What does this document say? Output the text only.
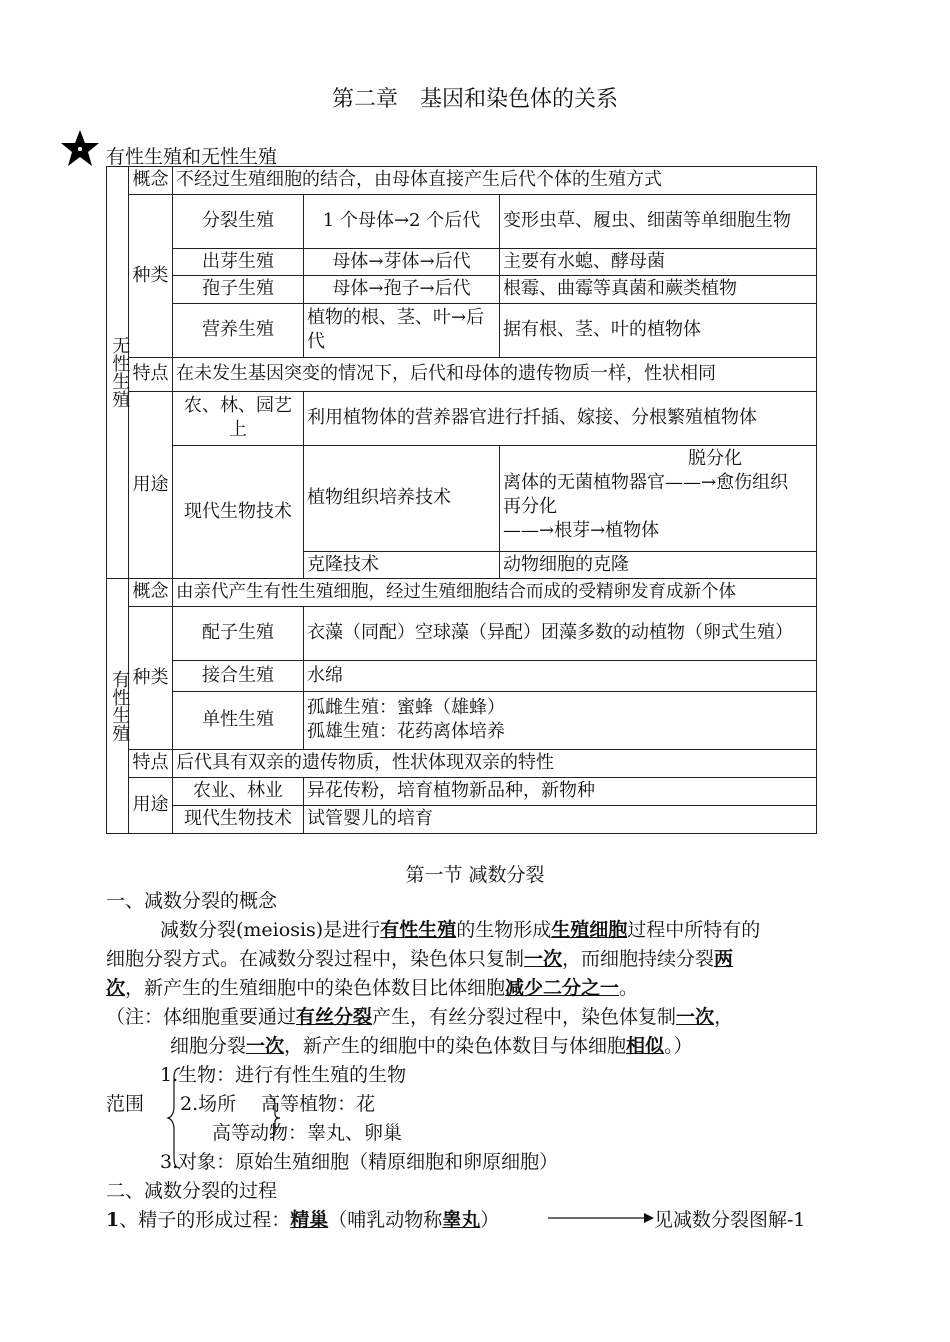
第二章　基因和染色体的关系
有性生殖和无性生殖
无性生殖	概念	不经过生殖细胞的结合，由母体直接产生后代个体的生殖方式		
	种类	分裂生殖	1 个母体→2 个后代	变形虫草、履虫、细菌等单细胞生物
		出芽生殖	母体→芽体→后代	主要有水螅、酵母菌
		孢子生殖	母体→孢子→后代	根霉、曲霉等真菌和蕨类植物
		营养生殖	植物的根、茎、叶→后代	据有根、茎、叶的植物体
	特点	在未发生基因突变的情况下，后代和母体的遗传物质一样，性状相同		
	用途	农、林、园艺上	利用植物体的营养器官进行扦插、嫁接、分根繁殖植物体	
		现代生物技术	植物组织培养技术	脱分化
离体的无菌植物器官——→愈伤组织
再分化
——→根芽→植物体

			克隆技术	动物细胞的克隆

有性生殖	概念	由亲代产生有性生殖细胞，经过生殖细胞结合而成的受精卵发育成新个体		
	种类	配子生殖	衣藻（同配）空球藻（异配）团藻多数的动植物（卵式生殖）	
		接合生殖	水绵	
		单性生殖	孤雌生殖：蜜蜂（雄蜂）
孤雄生殖：花药离体培养	

	特点	后代具有双亲的遗传物质，性状体现双亲的特性		
	用途	农业、林业	异花传粉，培育植物新品种，新物种	
		现代生物技术	试管婴儿的培育	
第一节 减数分裂
一、减数分裂的概念
减数分裂(meiosis)是进行有性生殖的生物形成生殖细胞过程中所特有的
细胞分裂方式。在减数分裂过程中，染色体只复制一次，而细胞持续分裂两
次，新产生的生殖细胞中的染色体数目比体细胞减少二分之一。
（注：体细胞重要通过有丝分裂产生，有丝分裂过程中，染色体复制一次，
细胞分裂一次，新产生的细胞中的染色体数目与体细胞相似。）
1.生物：进行有性生殖的生物
范围 2.场所　 高等植物：花
高等动物：睾丸、卵巢
3.对象：原始生殖细胞（精原细胞和卵原细胞）
二、减数分裂的过程
1、精子的形成过程：精巢（哺乳动物称睾丸）	见减数分裂图解-1
